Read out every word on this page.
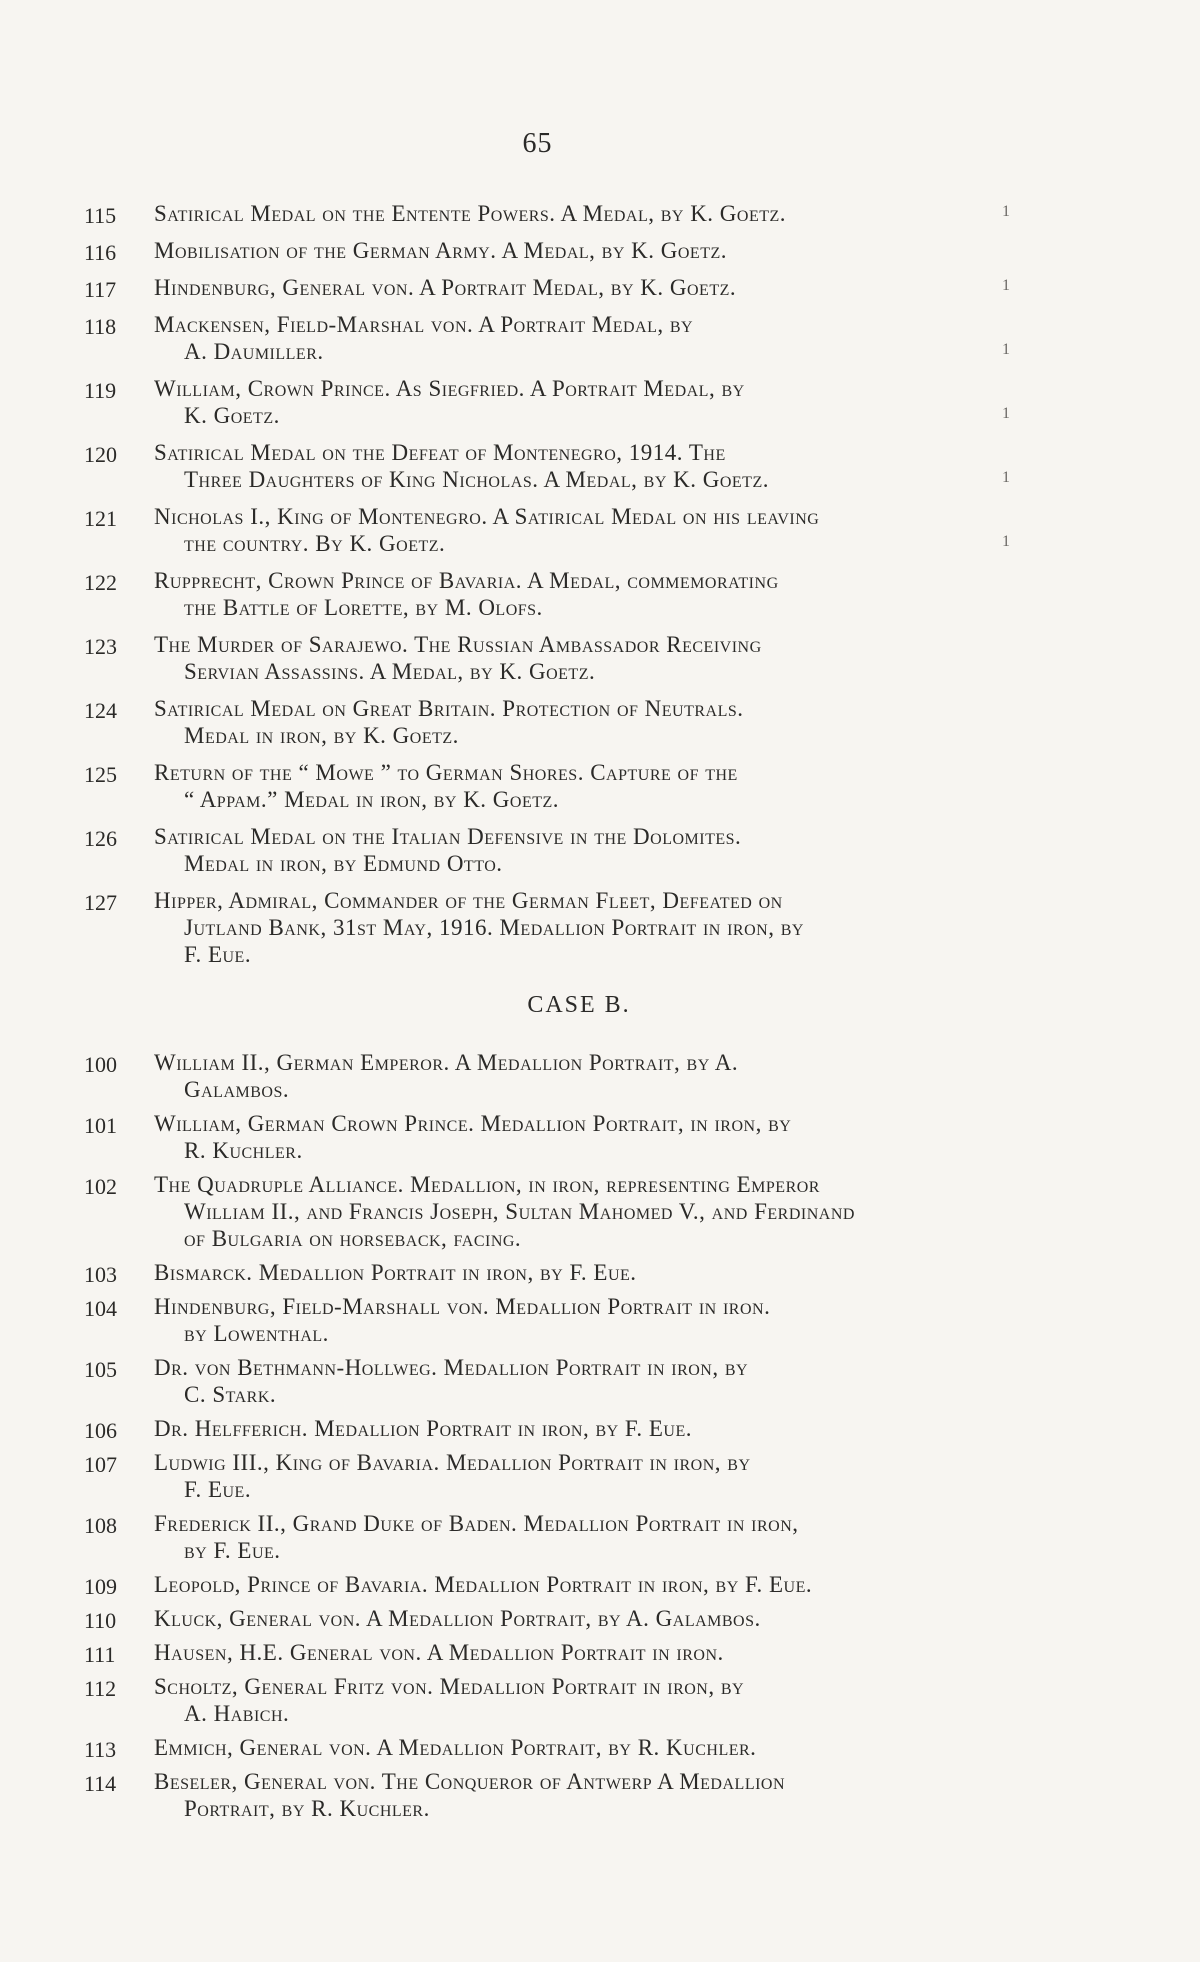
65
115	Satirical Medal on the Entente Powers. A Medal, by K. Goetz.	1
116	Mobilisation of the German Army. A Medal, by K. Goetz.
117	Hindenburg, General von. A Portrait Medal, by K. Goetz.	1
118	Mackensen, Field-Marshal von. A Portrait Medal, by
A. Daumiller.	1
119	William, Crown Prince. As Siegfried. A Portrait Medal, by
K. Goetz.	1
120	Satirical Medal on the Defeat of Montenegro, 1914. The
Three Daughters of King Nicholas. A Medal, by K. Goetz.	1
121	Nicholas I., King of Montenegro. A Satirical Medal on his leaving
the country. By K. Goetz.	1
122	Rupprecht, Crown Prince of Bavaria. A Medal, commemorating
the Battle of Lorette, by M. Olofs.
123	The Murder of Sarajewo. The Russian Ambassador Receiving
Servian Assassins. A Medal, by K. Goetz.
124	Satirical Medal on Great Britain. Protection of Neutrals.
Medal in iron, by K. Goetz.
125	Return of the “ Mowe ” to German Shores. Capture of the
“ Appam.” Medal in iron, by K. Goetz.
126	Satirical Medal on the Italian Defensive in the Dolomites.
Medal in iron, by Edmund Otto.
127	Hipper, Admiral, Commander of the German Fleet, Defeated on
Jutland Bank, 31st May, 1916. Medallion Portrait in iron, by
F. Eue.
CASE B.
100	William II., German Emperor. A Medallion Portrait, by A.
Galambos.
101	William, German Crown Prince. Medallion Portrait, in iron, by
R. Kuchler.
102	The Quadruple Alliance. Medallion, in iron, representing Emperor
William II., and Francis Joseph, Sultan Mahomed V., and Ferdinand
of Bulgaria on horseback, facing.
103	Bismarck. Medallion Portrait in iron, by F. Eue.
104	Hindenburg, Field-Marshall von. Medallion Portrait in iron.
by Lowenthal.
105	Dr. von Bethmann-Hollweg. Medallion Portrait in iron, by
C. Stark.
106	Dr. Helfferich. Medallion Portrait in iron, by F. Eue.
107	Ludwig III., King of Bavaria. Medallion Portrait in iron, by
F. Eue.
108	Frederick II., Grand Duke of Baden. Medallion Portrait in iron,
by F. Eue.
109	Leopold, Prince of Bavaria. Medallion Portrait in iron, by F. Eue.
110	Kluck, General von. A Medallion Portrait, by A. Galambos.
111	Hausen, H.E. General von. A Medallion Portrait in iron.
112	Scholtz, General Fritz von. Medallion Portrait in iron, by
A. Habich.
113	Emmich, General von. A Medallion Portrait, by R. Kuchler.
114	Beseler, General von. The Conqueror of Antwerp A Medallion
Portrait, by R. Kuchler.
